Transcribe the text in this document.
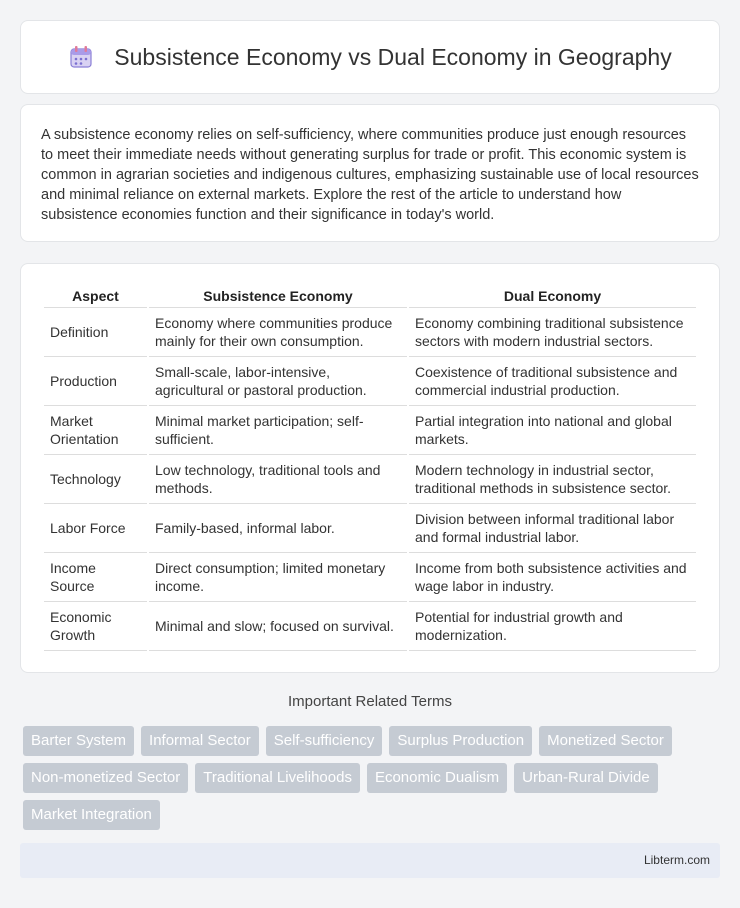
Subsistence Economy vs Dual Economy in Geography

A subsistence economy relies on self-sufficiency, where communities produce just enough resources to meet their immediate needs without generating surplus for trade or profit. This economic system is common in agrarian societies and indigenous cultures, emphasizing sustainable use of local resources and minimal reliance on external markets. Explore the rest of the article to understand how subsistence economies function and their significance in today's world.

Aspect	Subsistence Economy	Dual Economy
Definition	Economy where communities produce mainly for their own consumption.	Economy combining traditional subsistence sectors with modern industrial sectors.
Production	Small-scale, labor-intensive, agricultural or pastoral production.	Coexistence of traditional subsistence and commercial industrial production.
Market Orientation	Minimal market participation; self-sufficient.	Partial integration into national and global markets.
Technology	Low technology, traditional tools and methods.	Modern technology in industrial sector, traditional methods in subsistence sector.
Labor Force	Family-based, informal labor.	Division between informal traditional labor and formal industrial labor.
Income Source	Direct consumption; limited monetary income.	Income from both subsistence activities and wage labor in industry.
Economic Growth	Minimal and slow; focused on survival.	Potential for industrial growth and modernization.
Important Related Terms
Barter System	Informal Sector	Self-sufficiency	Surplus Production	Monetized Sector
Non-monetized Sector	Traditional Livelihoods	Economic Dualism	Urban-Rural Divide
Market Integration
Libterm.com
